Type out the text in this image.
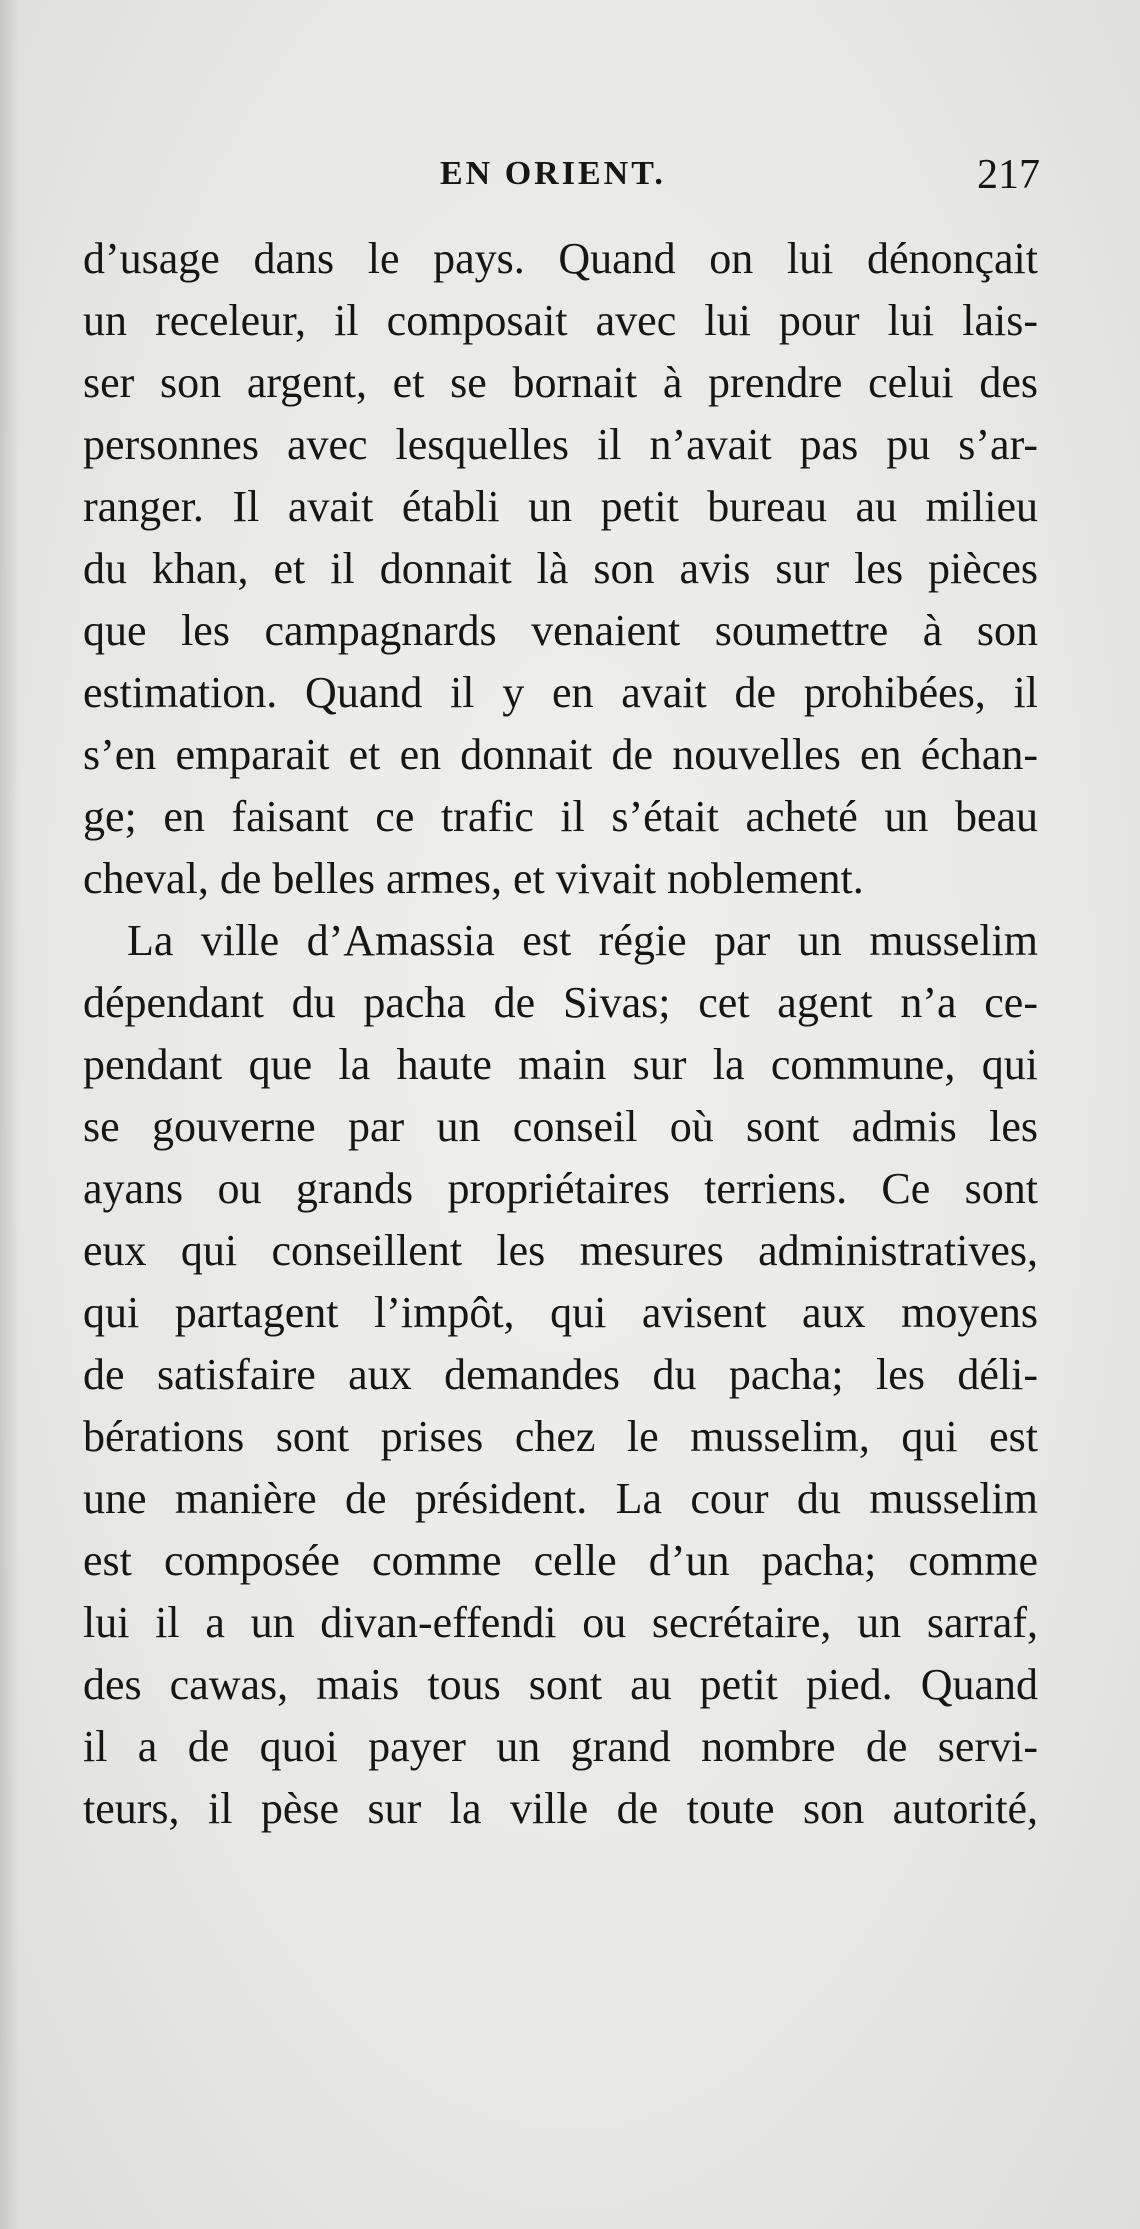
EN ORIENT.	217
d’usage dans le pays. Quand on lui dénonçait
un receleur, il composait avec lui pour lui lais-
ser son argent, et se bornait à prendre celui des
personnes avec lesquelles il n’avait pas pu s’ar-
ranger. Il avait établi un petit bureau au milieu
du khan, et il donnait là son avis sur les pièces
que les campagnards venaient soumettre à son
estimation. Quand il y en avait de prohibées, il
s’en emparait et en donnait de nouvelles en échan-
ge; en faisant ce trafic il s’était acheté un beau
cheval, de belles armes, et vivait noblement.
La ville d’Amassia est régie par un musselim
dépendant du pacha de Sivas; cet agent n’a ce-
pendant que la haute main sur la commune, qui
se gouverne par un conseil où sont admis les
ayans ou grands propriétaires terriens. Ce sont
eux qui conseillent les mesures administratives,
qui partagent l’impôt, qui avisent aux moyens
de satisfaire aux demandes du pacha; les déli-
bérations sont prises chez le musselim, qui est
une manière de président. La cour du musselim
est composée comme celle d’un pacha; comme
lui il a un divan-effendi ou secrétaire, un sarraf,
des cawas, mais tous sont au petit pied. Quand
il a de quoi payer un grand nombre de servi-
teurs, il pèse sur la ville de toute son autorité,
